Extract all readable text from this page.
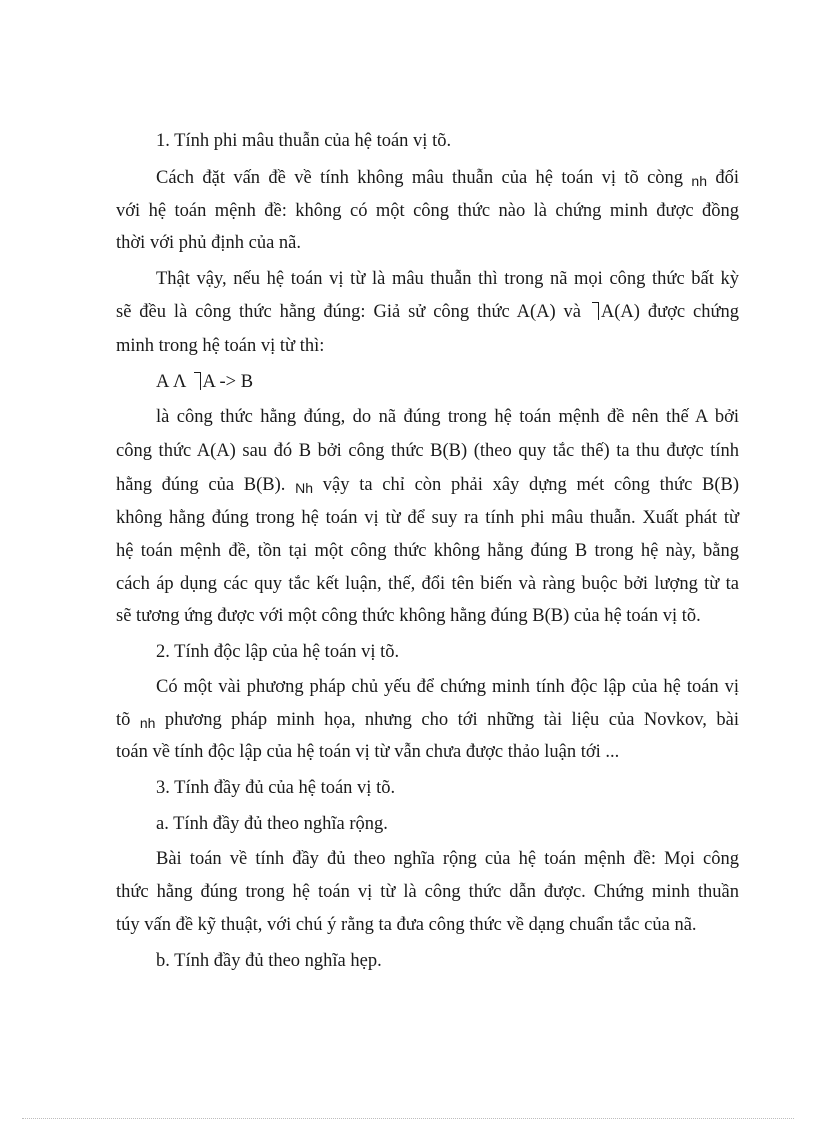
1. Tính phi mâu thuẫn của hệ toán vị tõ.
Cách đặt vấn đề về tính không mâu thuẫn của hệ toán vị tõ còng nh đối
với hệ toán mệnh đề: không có một công thức nào là chứng minh được đồng
thời với phủ định của nã.
Thật vậy, nếu hệ toán vị từ là mâu thuẫn thì trong nã mọi công thức bất kỳ
sẽ đều là công thức hằng đúng: Giả sử công thức A(A) và A(A) được chứng
minh trong hệ toán vị từ thì:
A Λ A -> B
là công thức hằng đúng, do nã đúng trong hệ toán mệnh đề nên thế A bởi
công thức A(A) sau đó B bởi công thức B(B) (theo quy tắc thế) ta thu được tính
hằng đúng của B(B). Nh vậy ta chỉ còn phải xây dựng mét công thức B(B)
không hằng đúng trong hệ toán vị từ để suy ra tính phi mâu thuẫn. Xuất phát từ
hệ toán mệnh đề, tồn tại một công thức không hằng đúng B trong hệ này, bằng
cách áp dụng các quy tắc kết luận, thế, đổi tên biến và ràng buộc bởi lượng từ ta
sẽ tương ứng được với một công thức không hằng đúng B(B) của hệ toán vị tõ.
2. Tính độc lập của hệ toán vị tõ.
Có một vài phương pháp chủ yếu để chứng minh tính độc lập của hệ toán vị
tõ nh phương pháp minh họa, nhưng cho tới những tài liệu của Novkov, bài
toán về tính độc lập của hệ toán vị từ vẫn chưa được thảo luận tới ...
3. Tính đầy đủ của hệ toán vị tõ.
a. Tính đầy đủ theo nghĩa rộng.
Bài toán về tính đầy đủ theo nghĩa rộng của hệ toán mệnh đề: Mọi công
thức hằng đúng trong hệ toán vị từ là công thức dẫn được. Chứng minh thuần
túy vấn đề kỹ thuật, với chú ý rằng ta đưa công thức về dạng chuẩn tắc của nã.
b. Tính đầy đủ theo nghĩa hẹp.
